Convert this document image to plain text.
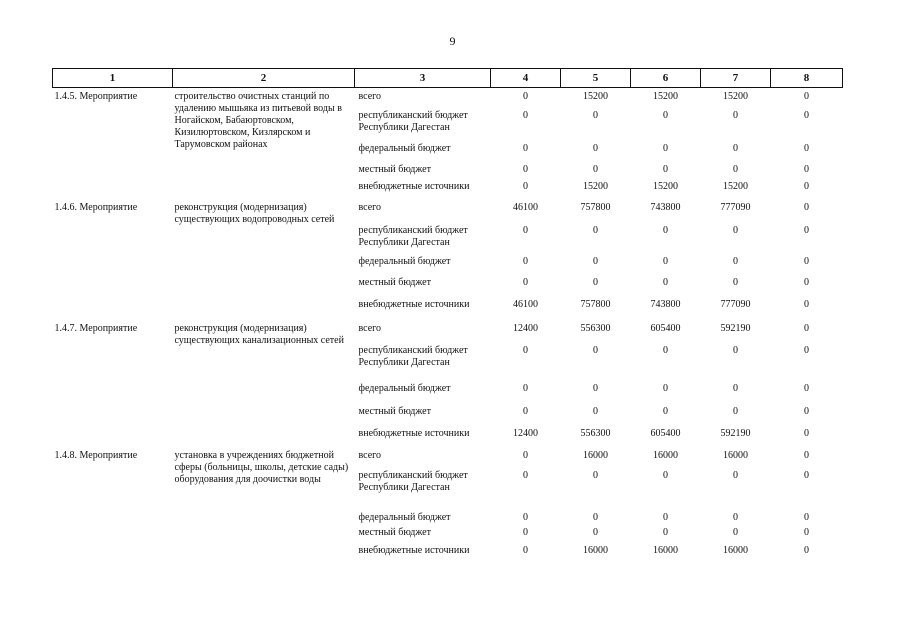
9
1	2	3	4	5	6	7	8
1.4.5. Мероприятие	строительство очистных станций по удалению мышьяка из питьевой воды в Ногайском, Бабаюртовском, Кизилюртовском, Кизлярском и Тарумовском районах	всего	0	15200	15200	15200	0
		республиканский бюджет Республики Дагестан	0	0	0	0	0
		федеральный бюджет	0	0	0	0	0
		местный бюджет	0	0	0	0	0
		внебюджетные источники	0	15200	15200	15200	0
1.4.6. Мероприятие	реконструкция (модернизация) существующих водопроводных сетей	всего	46100	757800	743800	777090	0
		республиканский бюджет Республики Дагестан	0	0	0	0	0
		федеральный бюджет	0	0	0	0	0
		местный бюджет	0	0	0	0	0
		внебюджетные источники	46100	757800	743800	777090	0
1.4.7. Мероприятие	реконструкция (модернизация) существующих канализационных сетей	всего	12400	556300	605400	592190	0
		республиканский бюджет Республики Дагестан	0	0	0	0	0
		федеральный бюджет	0	0	0	0	0
		местный бюджет	0	0	0	0	0
		внебюджетные источники	12400	556300	605400	592190	0
1.4.8. Мероприятие	установка в учреждениях бюджетной сферы (больницы, школы, детские сады) оборудования для доочистки воды	всего	0	16000	16000	16000	0
		республиканский бюджет Республики Дагестан	0	0	0	0	0
		федеральный бюджет	0	0	0	0	0
		местный бюджет	0	0	0	0	0
		внебюджетные источники	0	16000	16000	16000	0
